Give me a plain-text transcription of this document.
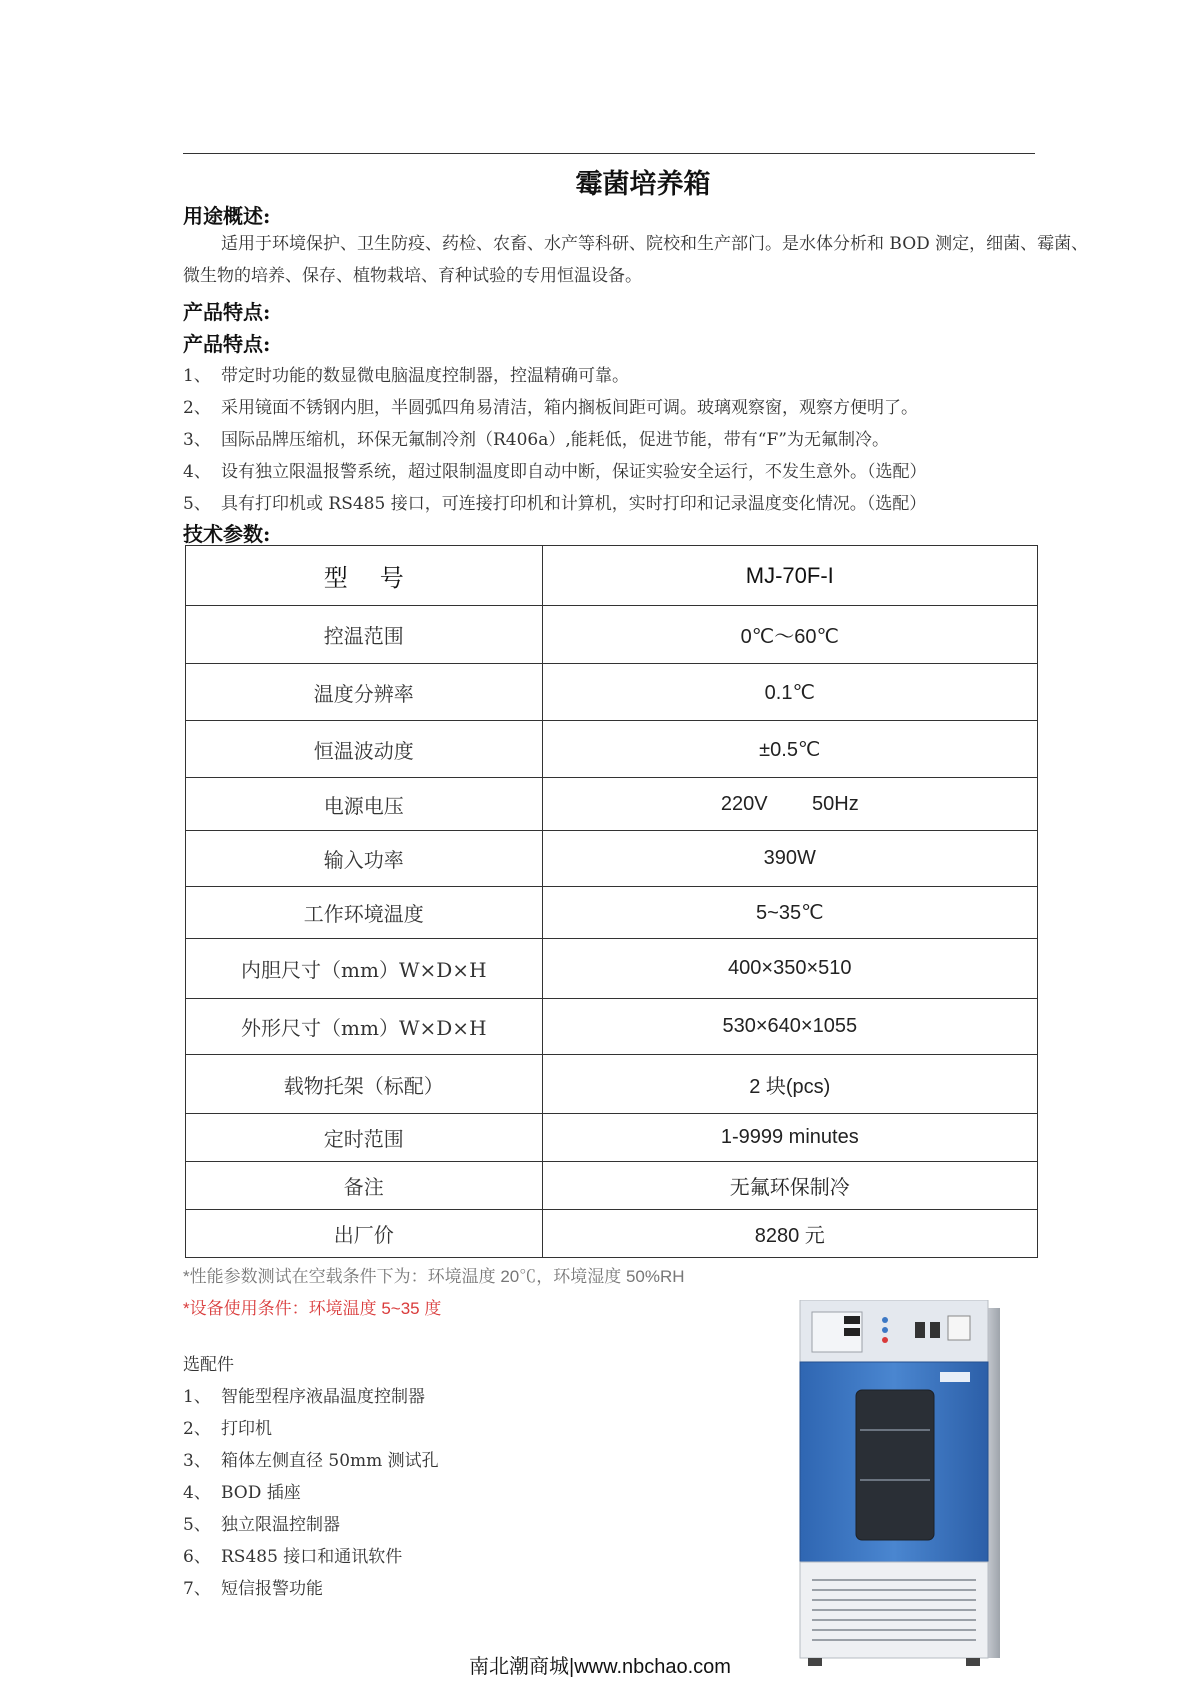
霉菌培养箱
用途概述:
适用于环境保护、卫生防疫、药检、农畜、水产等科研、院校和生产部门。是水体分析和 BOD 测定，细菌、霉菌、微生物的培养、保存、植物栽培、育种试验的专用恒温设备。
产品特点:
产品特点:
1、 带定时功能的数显微电脑温度控制器，控温精确可靠。
2、 采用镜面不锈钢内胆，半圆弧四角易清洁，箱内搁板间距可调。玻璃观察窗，观察方便明了。
3、 国际品牌压缩机，环保无氟制冷剂（R406a）,能耗低，促进节能，带有“F”为无氟制冷。
4、 设有独立限温报警系统，超过限制温度即自动中断，保证实验安全运行，不发生意外。（选配）
5、 具有打印机或 RS485 接口，可连接打印机和计算机，实时打印和记录温度变化情况。（选配）
技术参数:
型号	MJ-70F-I
控温范围	0℃～60℃
温度分辨率	0.1℃
恒温波动度	±0.5℃
电源电压	220V        50Hz
输入功率	390W
工作环境温度	5~35℃
内胆尺寸（mm）W×D×H	400×350×510
外形尺寸（mm）W×D×H	530×640×1055
载物托架（标配）	2 块(pcs)
定时范围	1-9999 minutes
备注	无氟环保制冷
出厂价	8280 元
*性能参数测试在空载条件下为：环境温度 20℃，环境湿度 50%RH
*设备使用条件：环境温度 5~35 度
选配件
1、 智能型程序液晶温度控制器
2、 打印机
3、 箱体左侧直径 50mm 测试孔
4、 BOD 插座
5、 独立限温控制器
6、 RS485 接口和通讯软件
7、 短信报警功能
南北潮商城|www.nbchao.com
